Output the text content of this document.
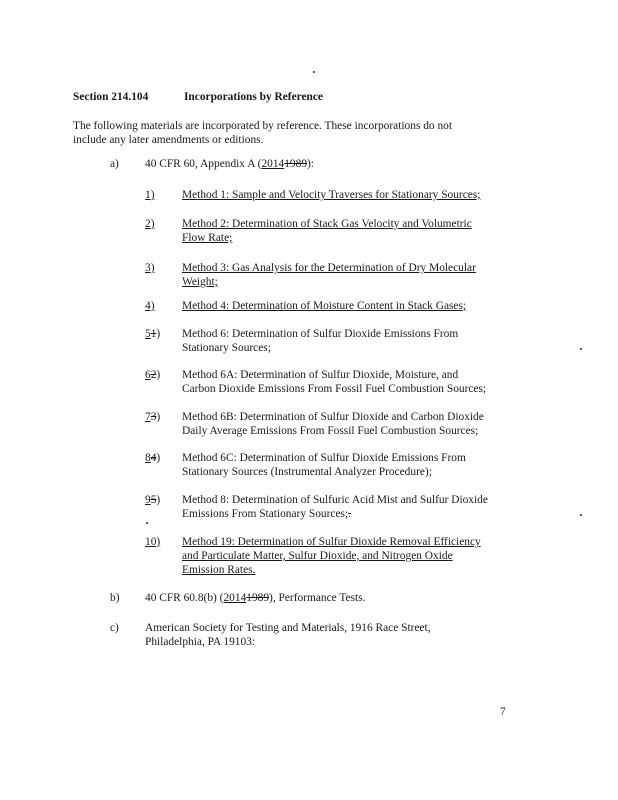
Section 214.104	Incorporations by Reference
The following materials are incorporated by reference. These incorporations do not
include any later amendments or editions.
a) 40 CFR 60, Appendix A (20141989):
1) Method 1: Sample and Velocity Traverses for Stationary Sources;
2)	Method 2: Determination of Stack Gas Velocity and Volumetric
Flow Rate;
3)	Method 3: Gas Analysis for the Determination of Dry Molecular
Weight;
4) Method 4: Determination of Moisture Content in Stack Gases;
51) Method 6: Determination of Sulfur Dioxide Emissions From
Stationary Sources;
62) Method 6A: Determination of Sulfur Dioxide, Moisture, and
Carbon Dioxide Emissions From Fossil Fuel Combustion Sources;
73) Method 6B: Determination of Sulfur Dioxide and Carbon Dioxide
Daily Average Emissions From Fossil Fuel Combustion Sources;
84) Method 6C: Determination of Sulfur Dioxide Emissions From
Stationary Sources (Instrumental Analyzer Procedure);
95) Method 8: Determination of Sulfuric Acid Mist and Sulfur Dioxide
Emissions From Stationary Sources;.
10)	Method 19: Determination of Sulfur Dioxide Removal Efficiency
and Particulate Matter, Sulfur Dioxide, and Nitrogen Oxide
Emission Rates.
b) 40 CFR 60.8(b) (20141989), Performance Tests.
c) American Society for Testing and Materials, 1916 Race Street,
Philadelphia, PA 19103:
7
